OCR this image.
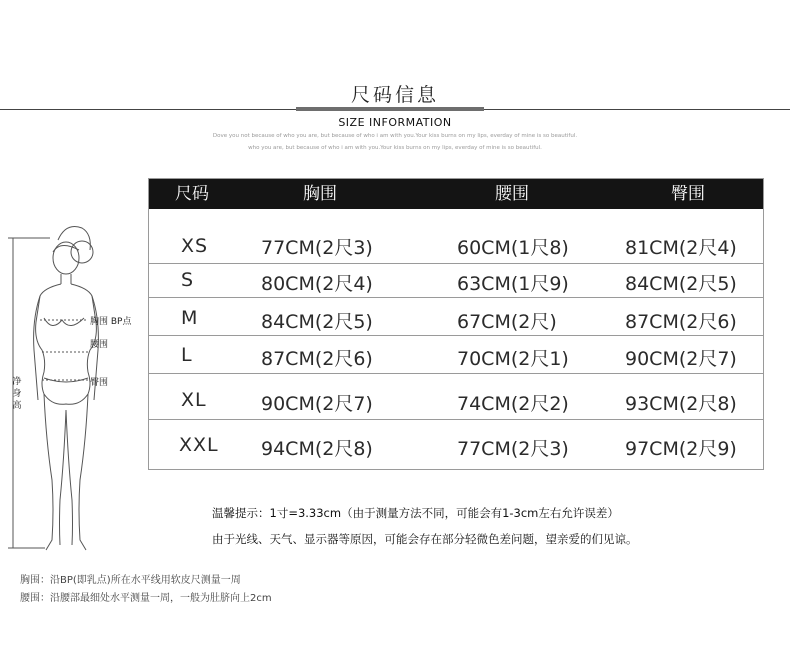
尺码信息
SIZE INFORMATION
Dove you not because of who you are, but because of who i am with you.Your kiss burns on my lips, everday of mine is so beautiful.
who you are, but because of who i am with you.Your kiss burns on my lips, everday of mine is so beautiful.
胸围 BP点
腰围
臀围
净身高
尺码	胸围	腰围	臀围
XS	77CM(2尺3)	60CM(1尺8)	81CM(2尺4)
S	80CM(2尺4)	63CM(1尺9)	84CM(2尺5)
M	84CM(2尺5)	67CM(2尺)	87CM(2尺6)
L	87CM(2尺6)	70CM(2尺1)	90CM(2尺7)
XL	90CM(2尺7)	74CM(2尺2)	93CM(2尺8)
XXL 94CM(2尺8)	77CM(2尺3)	97CM(2尺9)
温馨提示：1寸=3.33cm（由于测量方法不同，可能会有1-3cm左右允许误差）
由于光线、天气、显示器等原因，可能会存在部分轻微色差问题，望亲爱的们见谅。
胸围：沿BP(即乳点)所在水平线用软皮尺测量一周
腰围：沿腰部最细处水平测量一周，一般为肚脐向上2cm
